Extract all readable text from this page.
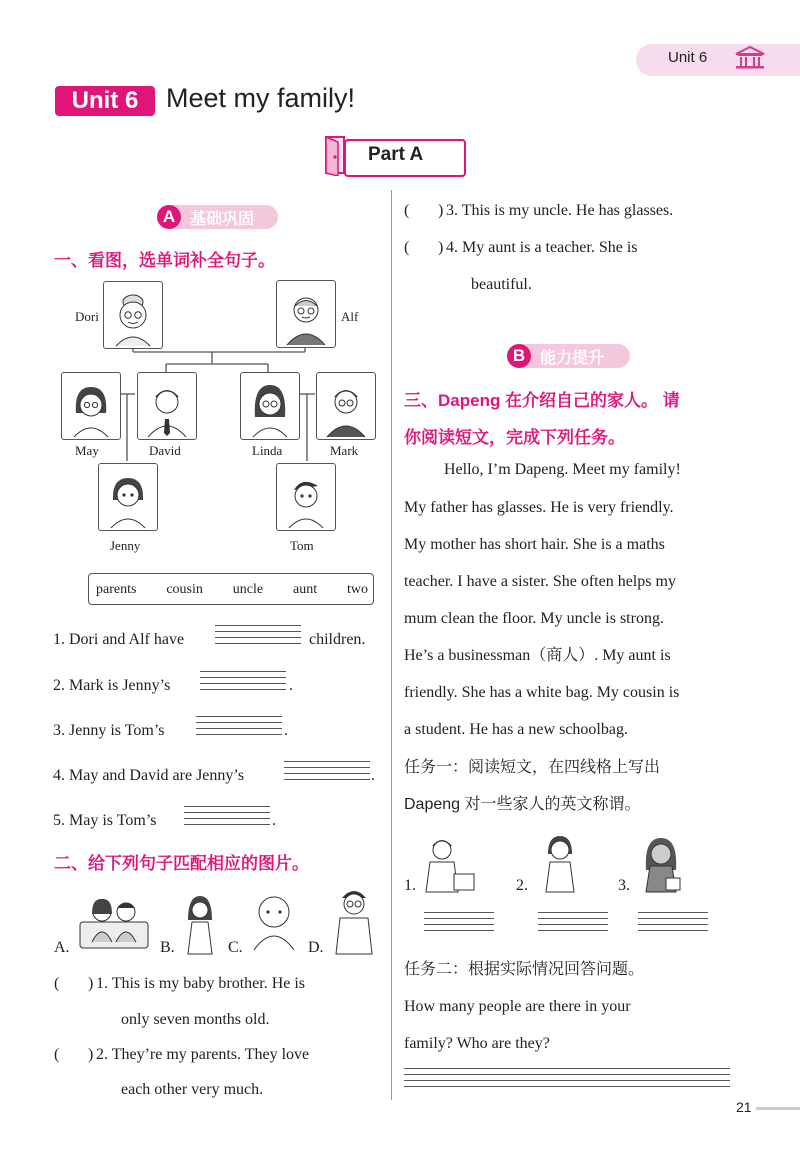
Unit 6
Unit 6	Meet my family!
Part A
A 基础巩固
一、看图，选单词补全句子。
Dori	Alf
May	David	Linda	Mark
Jenny	Tom
parents cousin uncle aunt two
1. Dori and Alf have	children.
2. Mark is Jenny’s	.
3. Jenny is Tom’s	.
4. May and David are Jenny’s	.
5. May is Tom’s	.
二、给下列句子匹配相应的图片。
A.	B.	C.	D.
( ) 1. This is my baby brother. He is
only seven months old.
( ) 2. They’re my parents. They love
each other very much.
( ) 3. This is my uncle. He has glasses.
( ) 4. My aunt is a teacher. She is
beautiful.
B 能力提升
三、Dapeng 在介绍自己的家人。 请
你阅读短文，完成下列任务。
Hello, I’m Dapeng. Meet my family!
My father has glasses. He is very friendly.
My mother has short hair. She is a maths
teacher. I have a sister. She often helps my
mum clean the floor. My uncle is strong.
He’s a businessman（商人）. My aunt is
friendly. She has a white bag. My cousin is
a student. He has a new schoolbag.
任务一：阅读短文，在四线格上写出
Dapeng 对一些家人的英文称谓。
1.	2.	3.
任务二：根据实际情况回答问题。
How many people are there in your
family? Who are they?
21
